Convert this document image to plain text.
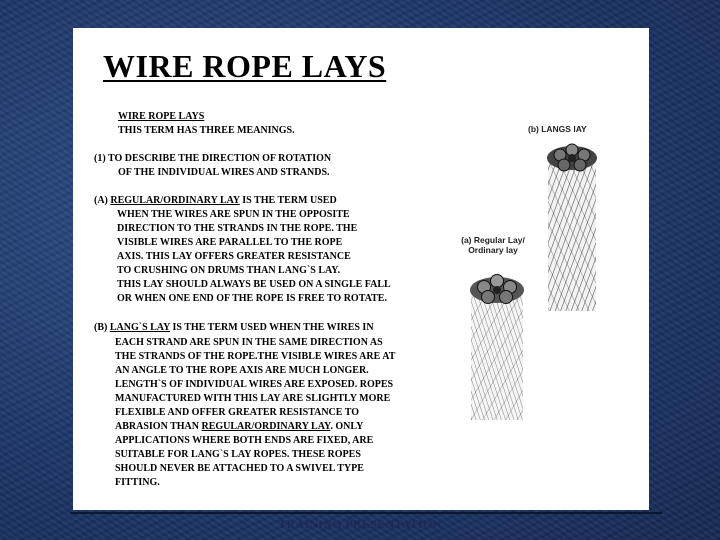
WIRE ROPE LAYS
WIRE ROPE LAYS
THIS TERM HAS THREE MEANINGS.
(1) TO DESCRIBE THE DIRECTION OF ROTATION
OF THE INDIVIDUAL WIRES AND STRANDS.
(A) REGULAR/ORDINARY LAY IS THE TERM USED
WHEN THE WIRES ARE SPUN IN THE OPPOSITE
DIRECTION TO THE STRANDS IN THE ROPE. THE
VISIBLE WIRES ARE PARALLEL TO THE ROPE
AXIS. THIS LAY OFFERS GREATER RESISTANCE
TO CRUSHING ON DRUMS THAN LANG`S LAY.
THIS LAY SHOULD ALWAYS BE USED ON A SINGLE FALL
OR WHEN ONE END OF THE ROPE IS FREE TO ROTATE.
(B) LANG`S LAY IS THE TERM USED WHEN THE WIRES IN
EACH STRAND ARE SPUN IN THE SAME DIRECTION AS
THE STRANDS OF THE ROPE.THE VISIBLE WIRES ARE AT
AN ANGLE TO THE ROPE AXIS ARE MUCH LONGER.
LENGTH`S OF INDIVIDUAL WIRES ARE EXPOSED. ROPES
MANUFACTURED WITH THIS LAY ARE SLIGHTLY MORE
FLEXIBLE AND OFFER GREATER RESISTANCE TO
ABRASION THAN REGULAR/ORDINARY LAY. ONLY
APPLICATIONS WHERE BOTH ENDS ARE FIXED, ARE
SUITABLE FOR LANG`S LAY ROPES. THESE ROPES
SHOULD NEVER BE ATTACHED TO A SWIVEL TYPE
FITTING.
(b) LANGS lAY
(a) Regular Lay/
Ordinary lay
TRAINING PRESENTATION
